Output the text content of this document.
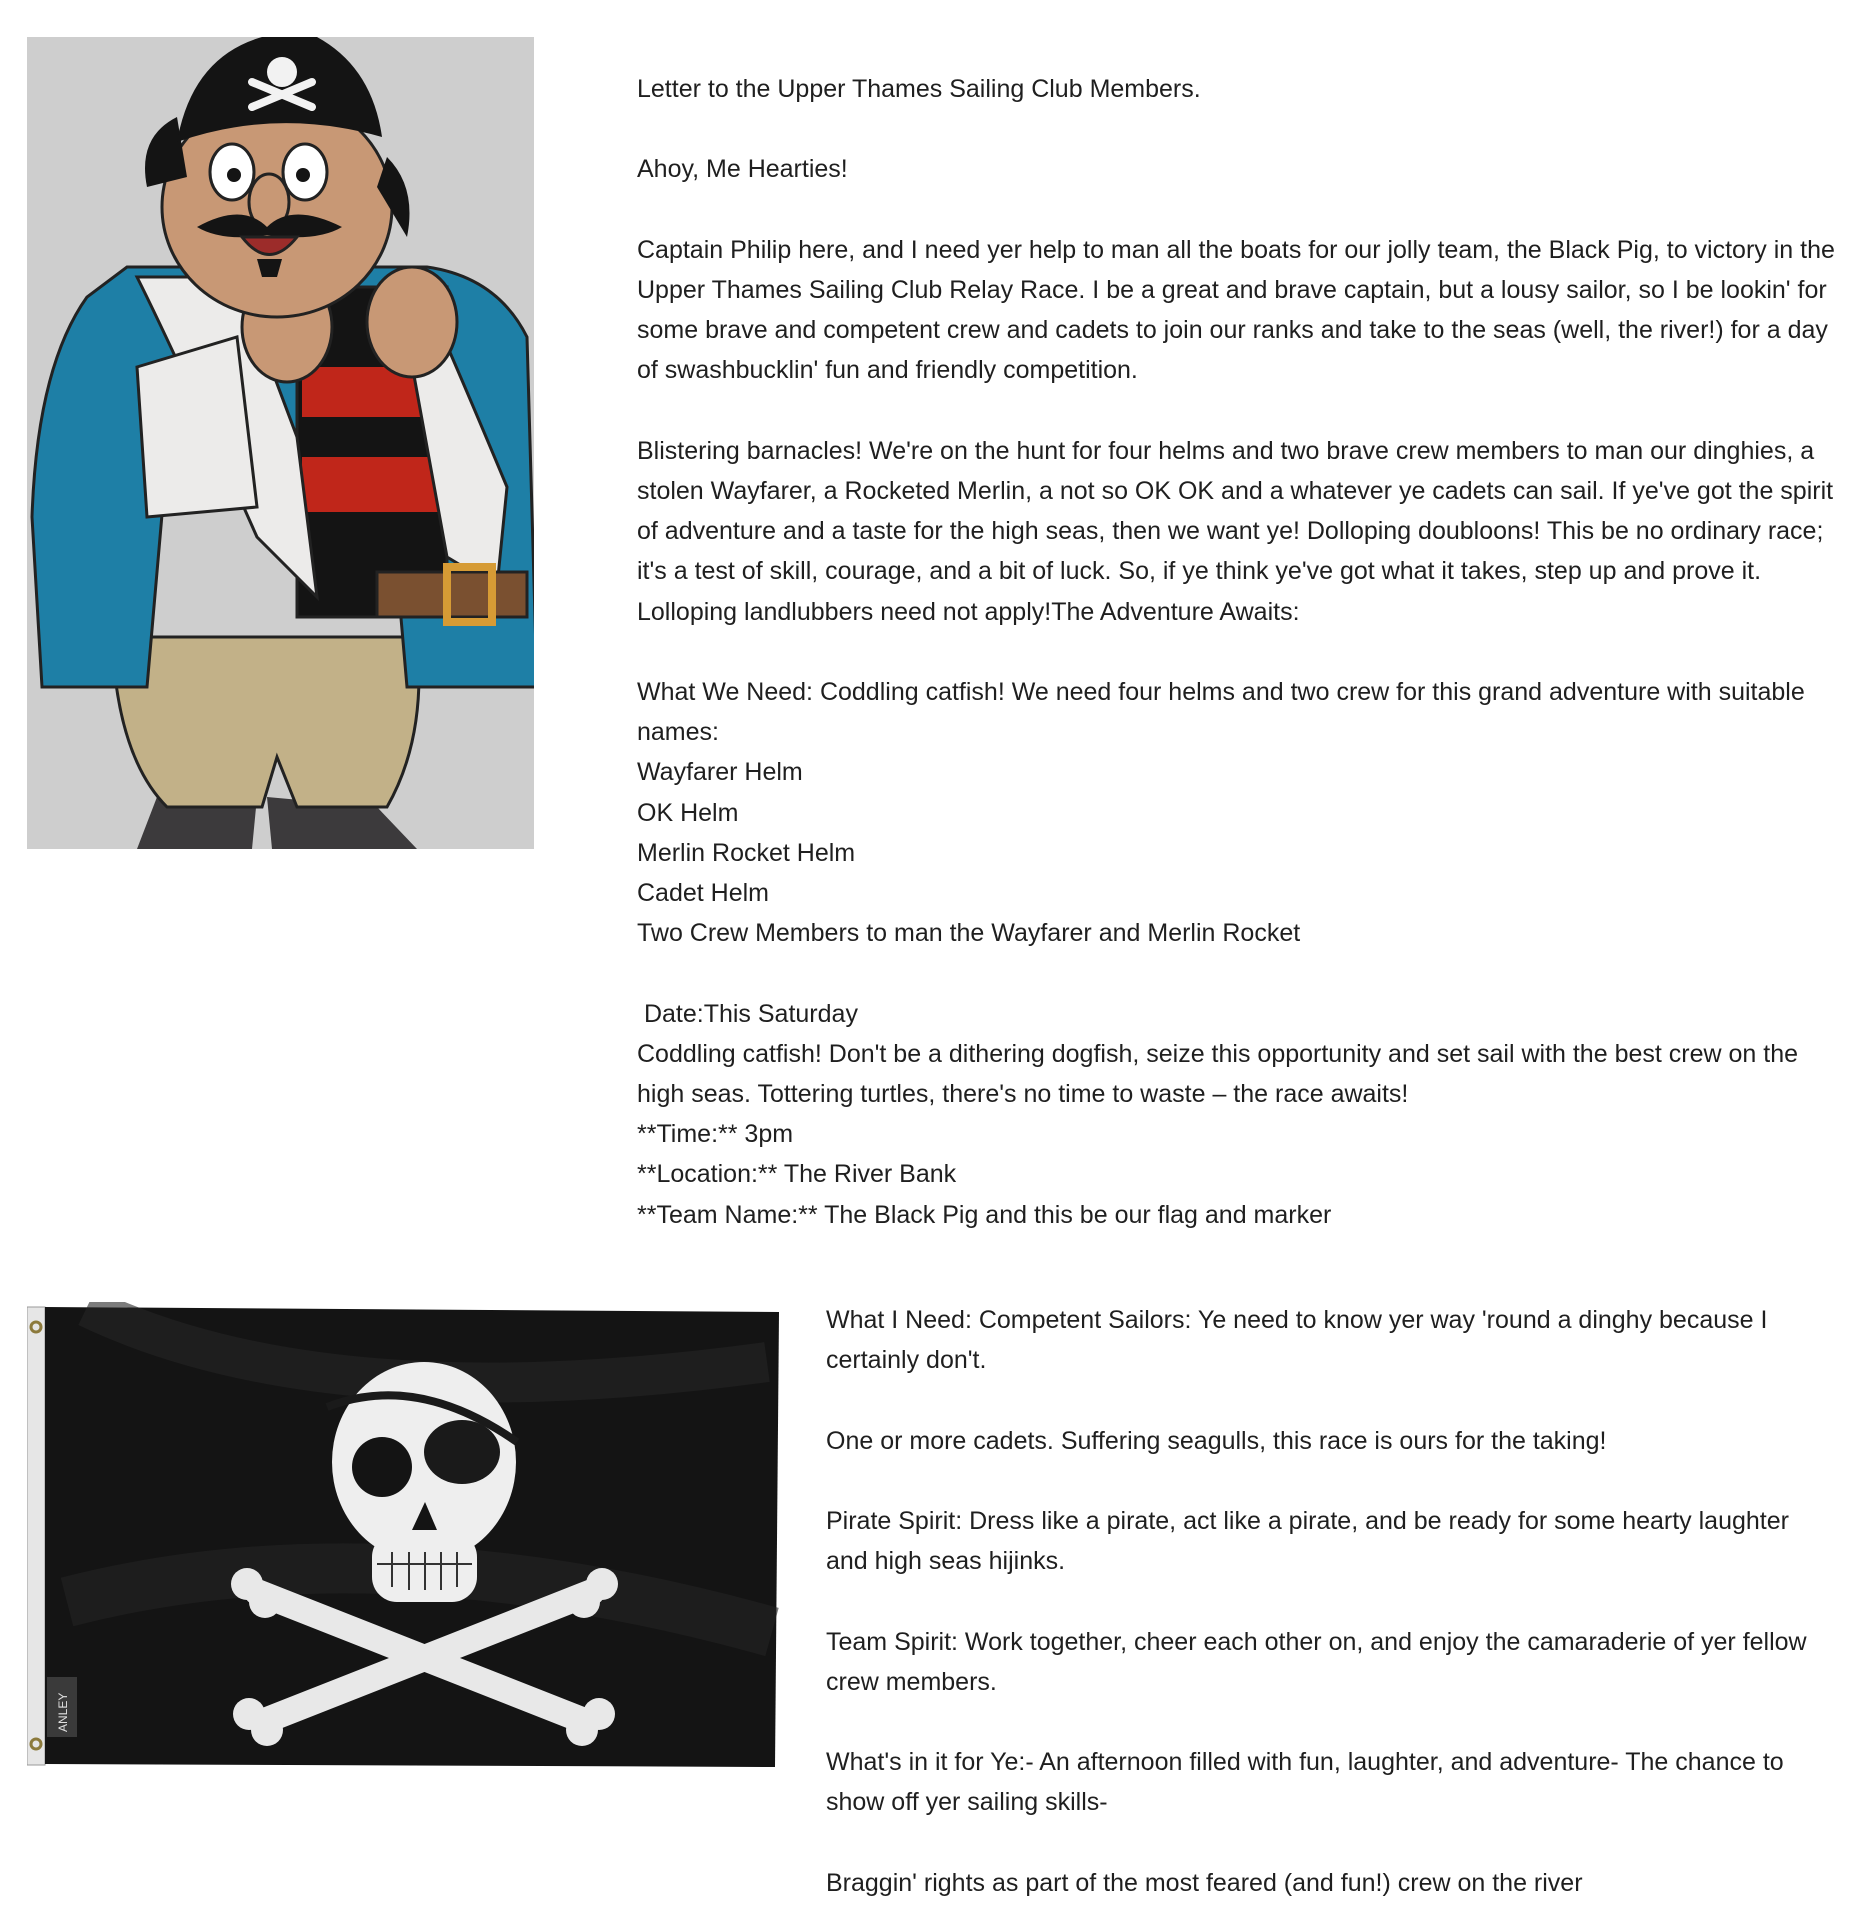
Letter to the Upper Thames Sailing Club Members.

Ahoy, Me Hearties!

Captain Philip here, and I need yer help to man all the boats for our jolly team, the Black Pig, to victory in the Upper Thames Sailing Club Relay Race. I be a great and brave captain, but a lousy sailor, so I be lookin' for some brave and competent crew and cadets to join our ranks and take to the seas (well, the river!) for a day of swashbucklin' fun and friendly competition.

Blistering barnacles! We're on the hunt for four helms and two brave crew members to man our dinghies, a stolen Wayfarer, a Rocketed Merlin, a not so OK OK and a whatever ye cadets can sail. If ye've got the spirit of adventure and a taste for the high seas, then we want ye! Dolloping doubloons! This be no ordinary race; it's a test of skill, courage, and a bit of luck. So, if ye think ye've got what it takes, step up and prove it. Lolloping landlubbers need not apply!The Adventure Awaits:

What We Need: Coddling catfish! We need four helms and two crew for this grand adventure with suitable names:

Wayfarer Helm

OK Helm

Merlin Rocket Helm

Cadet Helm

Two Crew Members to man the Wayfarer and Merlin Rocket

Date:This Saturday

Coddling catfish! Don't be a dithering dogfish, seize this opportunity and set sail with the best crew on the high seas. Tottering turtles, there's no time to waste – the race awaits!

**Time:** 3pm

**Location:** The River Bank

**Team Name:** The Black Pig and this be our flag and marker

ANLEY

What I Need: Competent Sailors: Ye need to know yer way 'round a dinghy because I certainly don't.

One or more cadets. Suffering seagulls, this race is ours for the taking!

Pirate Spirit: Dress like a pirate, act like a pirate, and be ready for some hearty laughter and high seas hijinks.

Team Spirit: Work together, cheer each other on, and enjoy the camaraderie of yer fellow crew members.

What's in it for Ye:- An afternoon filled with fun, laughter, and adventure- The chance to show off yer sailing skills-

Braggin' rights as part of the most feared (and fun!) crew on the river
